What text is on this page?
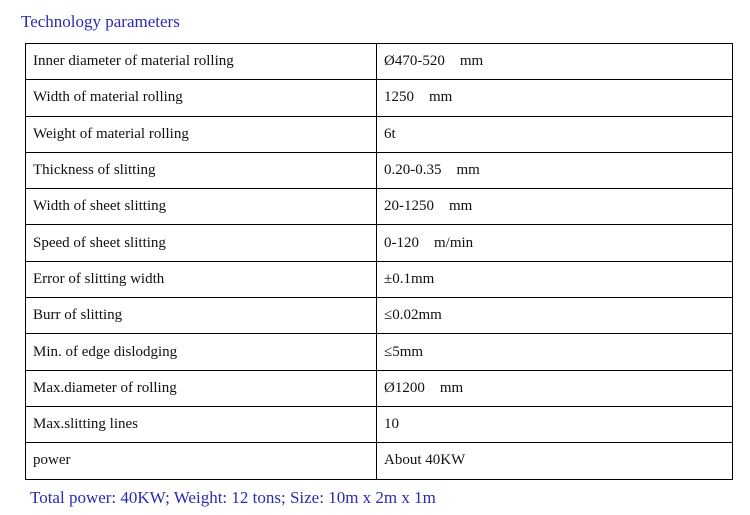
Technology parameters
Inner diameter of material rolling	Ø470-520    mm
Width of material rolling	1250    mm
Weight of material rolling	6t
Thickness of slitting	0.20-0.35    mm
Width of sheet slitting	20-1250    mm
Speed of sheet slitting	0-120    m/min
Error of slitting width	±0.1mm
Burr of slitting	≤0.02mm
Min. of edge dislodging	≤5mm
Max.diameter of rolling	Ø1200    mm
Max.slitting lines	10
power	About 40KW
Total power: 40KW; Weight: 12 tons; Size: 10m x 2m x 1m
